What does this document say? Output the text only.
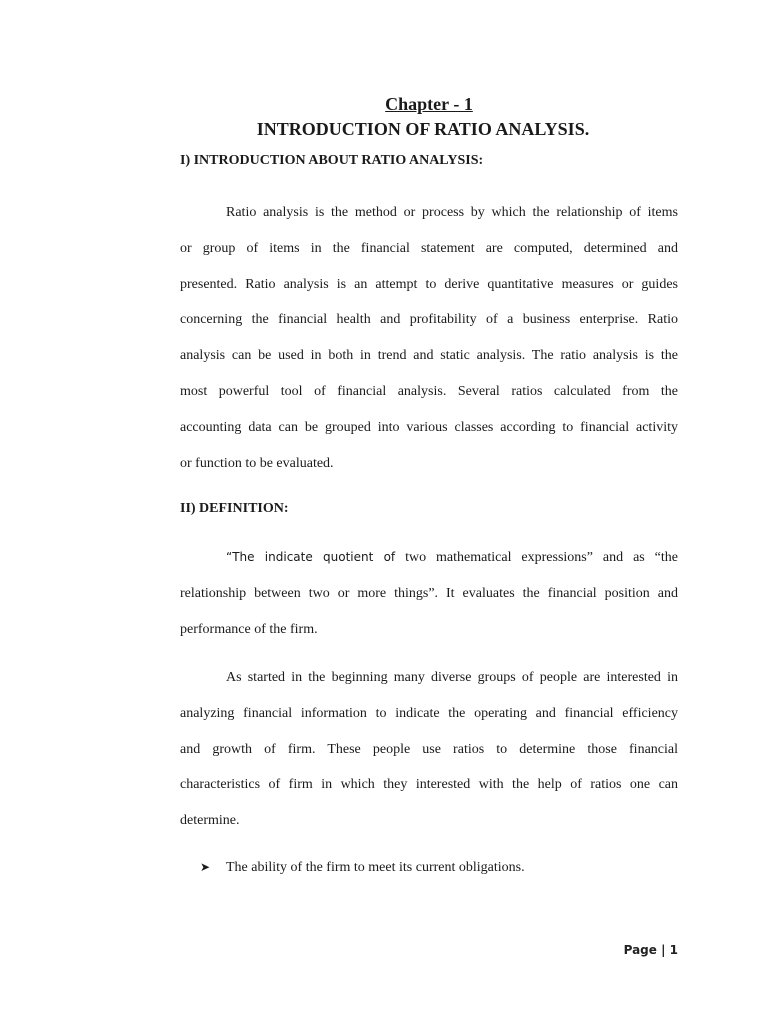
Chapter - 1
INTRODUCTION OF RATIO ANALYSIS.
I) INTRODUCTION ABOUT RATIO ANALYSIS:
Ratio analysis is the method or process by which the relationship of items
or group of items in the financial statement are computed, determined and
presented. Ratio analysis is an attempt to derive quantitative measures or guides
concerning the financial health and profitability of a business enterprise. Ratio
analysis can be used in both in trend and static analysis. The ratio analysis is the
most powerful tool of financial analysis. Several ratios calculated from the
accounting data can be grouped into various classes according to financial activity
or function to be evaluated.
II) DEFINITION:
“The indicate quotient of two mathematical expressions” and as “the
relationship between two or more things”. It evaluates the financial position and
performance of the firm.
As started in the beginning many diverse groups of people are interested in
analyzing financial information to indicate the operating and financial efficiency
and growth of firm. These people use ratios to determine those financial
characteristics of firm in which they interested with the help of ratios one can
determine.
➤ The ability of the firm to meet its current obligations.
Page | 1
